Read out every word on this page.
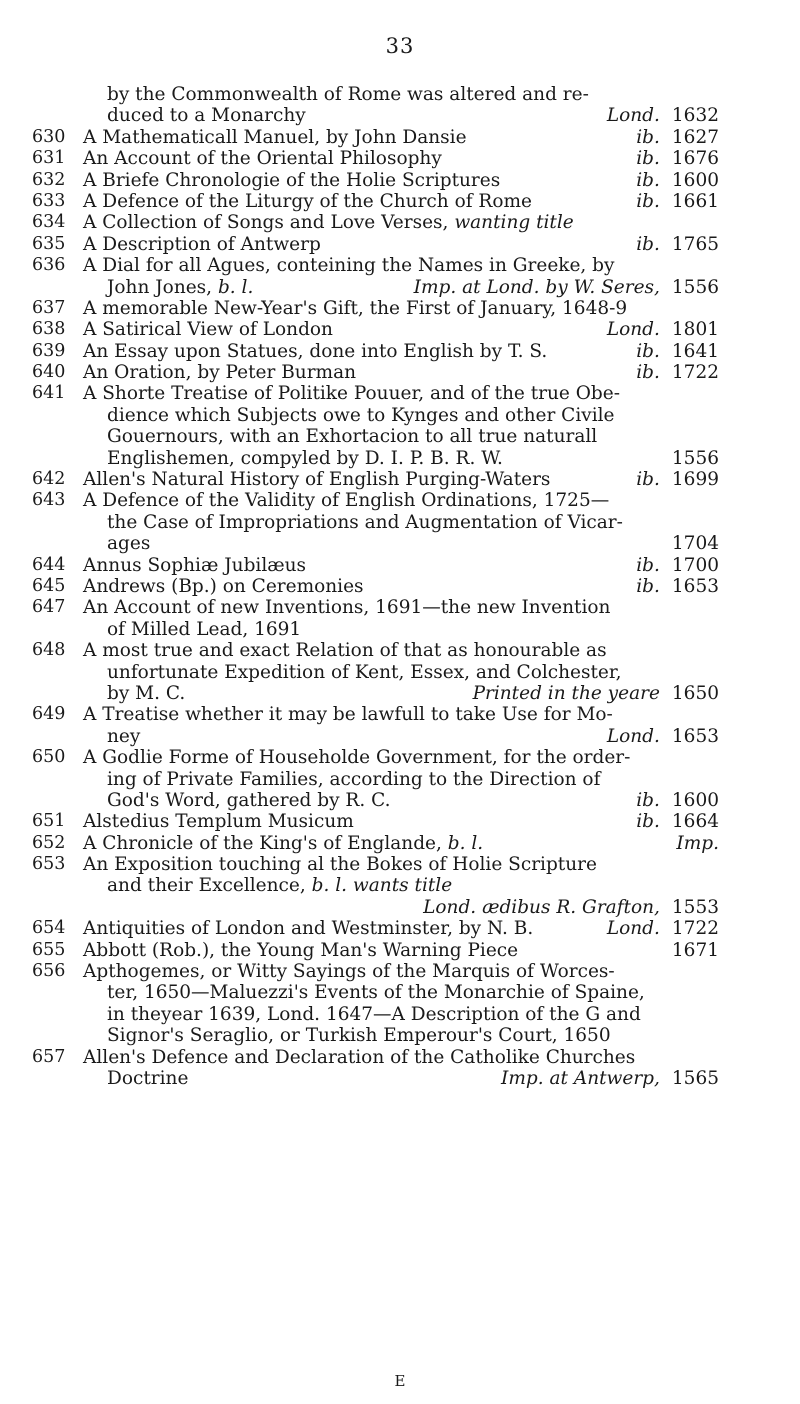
33
by the Commonwealth of Rome was altered and re-
duced to a Monarchy	Lond. 1632
630 A Mathematicall Manuel, by John Dansie	ib. 1627
631 An Account of the Oriental Philosophy	ib. 1676
632 A Briefe Chronologie of the Holie Scriptures	ib. 1600
633 A Defence of the Liturgy of the Church of Rome	ib. 1661
634 A Collection of Songs and Love Verses, wanting title
635 A Description of Antwerp	ib. 1765
636 A Dial for all Agues, conteining the Names in Greeke, by
John Jones, b. l.	Imp. at Lond. by W. Seres, 1556
637 A memorable New-Year's Gift, the First of January, 1648-9
638 A Satirical View of London	Lond. 1801
639 An Essay upon Statues, done into English by T. S.	ib. 1641
640 An Oration, by Peter Burman	ib. 1722
641 A Shorte Treatise of Politike Pouuer, and of the true Obe-
dience which Subjects owe to Kynges and other Civile
Gouernours, with an Exhortacion to all true naturall
Englishemen, compyled by D. I. P. B. R. W.	1556
642 Allen's Natural History of English Purging-Waters	ib. 1699
643 A Defence of the Validity of English Ordinations, 1725—
the Case of Impropriations and Augmentation of Vicar-
ages	1704
644 Annus Sophiæ Jubilæus	ib. 1700
645 Andrews (Bp.) on Ceremonies	ib. 1653
647 An Account of new Inventions, 1691—the new Invention
of Milled Lead, 1691
648 A most true and exact Relation of that as honourable as
unfortunate Expedition of Kent, Essex, and Colchester,
by M. C.	Printed in the yeare 1650
649 A Treatise whether it may be lawfull to take Use for Mo-
ney	Lond. 1653
650 A Godlie Forme of Householde Government, for the order-
ing of Private Families, according to the Direction of
God's Word, gathered by R. C.	ib. 1600
651 Alstedius Templum Musicum	ib. 1664
652 A Chronicle of the King's of Englande, b. l.	Imp.
653 An Exposition touching al the Bokes of Holie Scripture
and their Excellence, b. l. wants title
Lond. ædibus R. Grafton, 1553
654 Antiquities of London and Westminster, by N. B.	Lond. 1722
655 Abbott (Rob.), the Young Man's Warning Piece	1671
656 Apthogemes, or Witty Sayings of the Marquis of Worces-
ter, 1650—Maluezzi's Events of the Monarchie of Spaine,
in theyear 1639, Lond. 1647—A Description of the G and
Signor's Seraglio, or Turkish Emperour's Court, 1650
657 Allen's Defence and Declaration of the Catholike Churches
Doctrine	Imp. at Antwerp, 1565
E
